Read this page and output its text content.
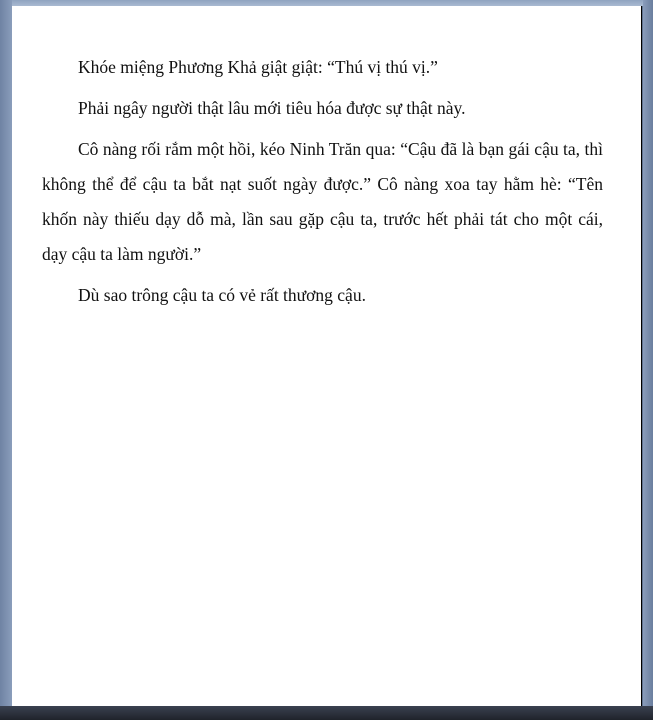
Khóe miệng Phương Khả giật giật: “Thú vị thú vị.”

Phải ngây người thật lâu mới tiêu hóa được sự thật này.

Cô nàng rối rắm một hồi, kéo Ninh Trăn qua: “Cậu đã là bạn gái cậu ta, thì không thể để cậu ta bắt nạt suốt ngày được.” Cô nàng xoa tay hằm hè: “Tên khốn này thiếu dạy dỗ mà, lần sau gặp cậu ta, trước hết phải tát cho một cái, dạy cậu ta làm người.”

Dù sao trông cậu ta có vẻ rất thương cậu.
